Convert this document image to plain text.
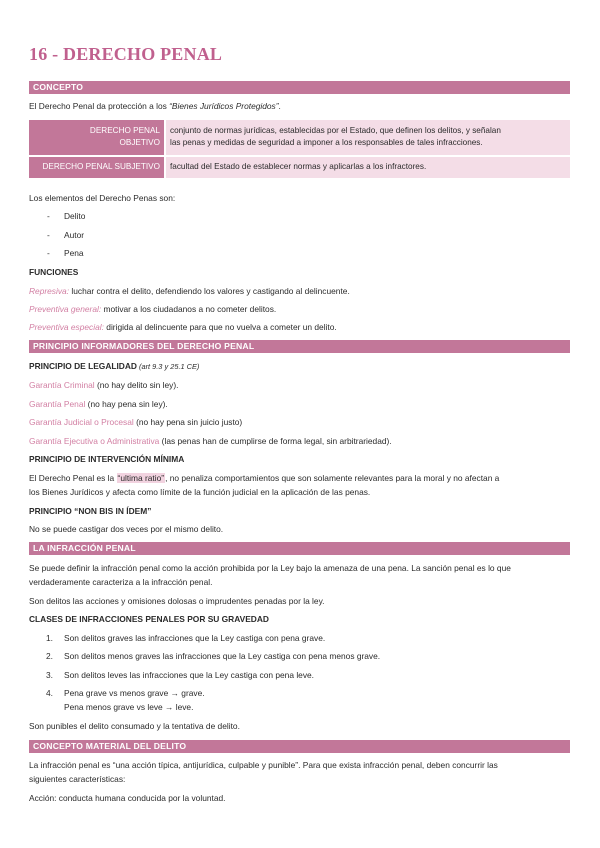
16 - DERECHO PENAL
CONCEPTO
El Derecho Penal da protección a los “Bienes Jurídicos Protegidos”.
DERECHO PENAL
OBJETIVO
conjunto de normas jurídicas, establecidas por el Estado, que definen los delitos, y señalan
las penas y medidas de seguridad a imponer a los responsables de tales infracciones.
DERECHO PENAL SUBJETIVO	facultad del Estado de establecer normas y aplicarlas a los infractores.
Los elementos del Derecho Penas son:
- Delito
- Autor
- Pena
FUNCIONES
Represiva: luchar contra el delito, defendiendo los valores y castigando al delincuente.
Preventiva general: motivar a los ciudadanos a no cometer delitos.
Preventiva especial: dirigida al delincuente para que no vuelva a cometer un delito.
PRINCIPIO INFORMADORES DEL DERECHO PENAL
PRINCIPIO DE LEGALIDAD (art 9.3 y 25.1 CE)
Garantía Criminal (no hay delito sin ley).
Garantía Penal (no hay pena sin ley).
Garantía Judicial o Procesal (no hay pena sin juicio justo)
Garantía Ejecutiva o Administrativa (las penas han de cumplirse de forma legal, sin arbitrariedad).
PRINCIPIO DE INTERVENCIÓN MÍNIMA
El Derecho Penal es la “ultima ratio”, no penaliza comportamientos que son solamente relevantes para la moral y no afectan a
los Bienes Jurídicos y afecta como límite de la función judicial en la aplicación de las penas.
PRINCIPIO “NON BIS IN ÍDEM”
No se puede castigar dos veces por el mismo delito.
LA INFRACCIÓN PENAL
Se puede definir la infracción penal como la acción prohibida por la Ley bajo la amenaza de una pena. La sanción penal es lo que
verdaderamente caracteriza a la infracción penal.
Son delitos las acciones y omisiones dolosas o imprudentes penadas por la ley.
CLASES DE INFRACCIONES PENALES POR SU GRAVEDAD
1. Son delitos graves las infracciones que la Ley castiga con pena grave.
2. Son delitos menos graves las infracciones que la Ley castiga con pena menos grave.
3. Son delitos leves las infracciones que la Ley castiga con pena leve.
4. Pena grave vs menos grave → grave.
Pena menos grave vs leve → leve.
Son punibles el delito consumado y la tentativa de delito.
CONCEPTO MATERIAL DEL DELITO
La infracción penal es “una acción típica, antijurídica, culpable y punible”. Para que exista infracción penal, deben concurrir las
siguientes características:
Acción: conducta humana conducida por la voluntad.
